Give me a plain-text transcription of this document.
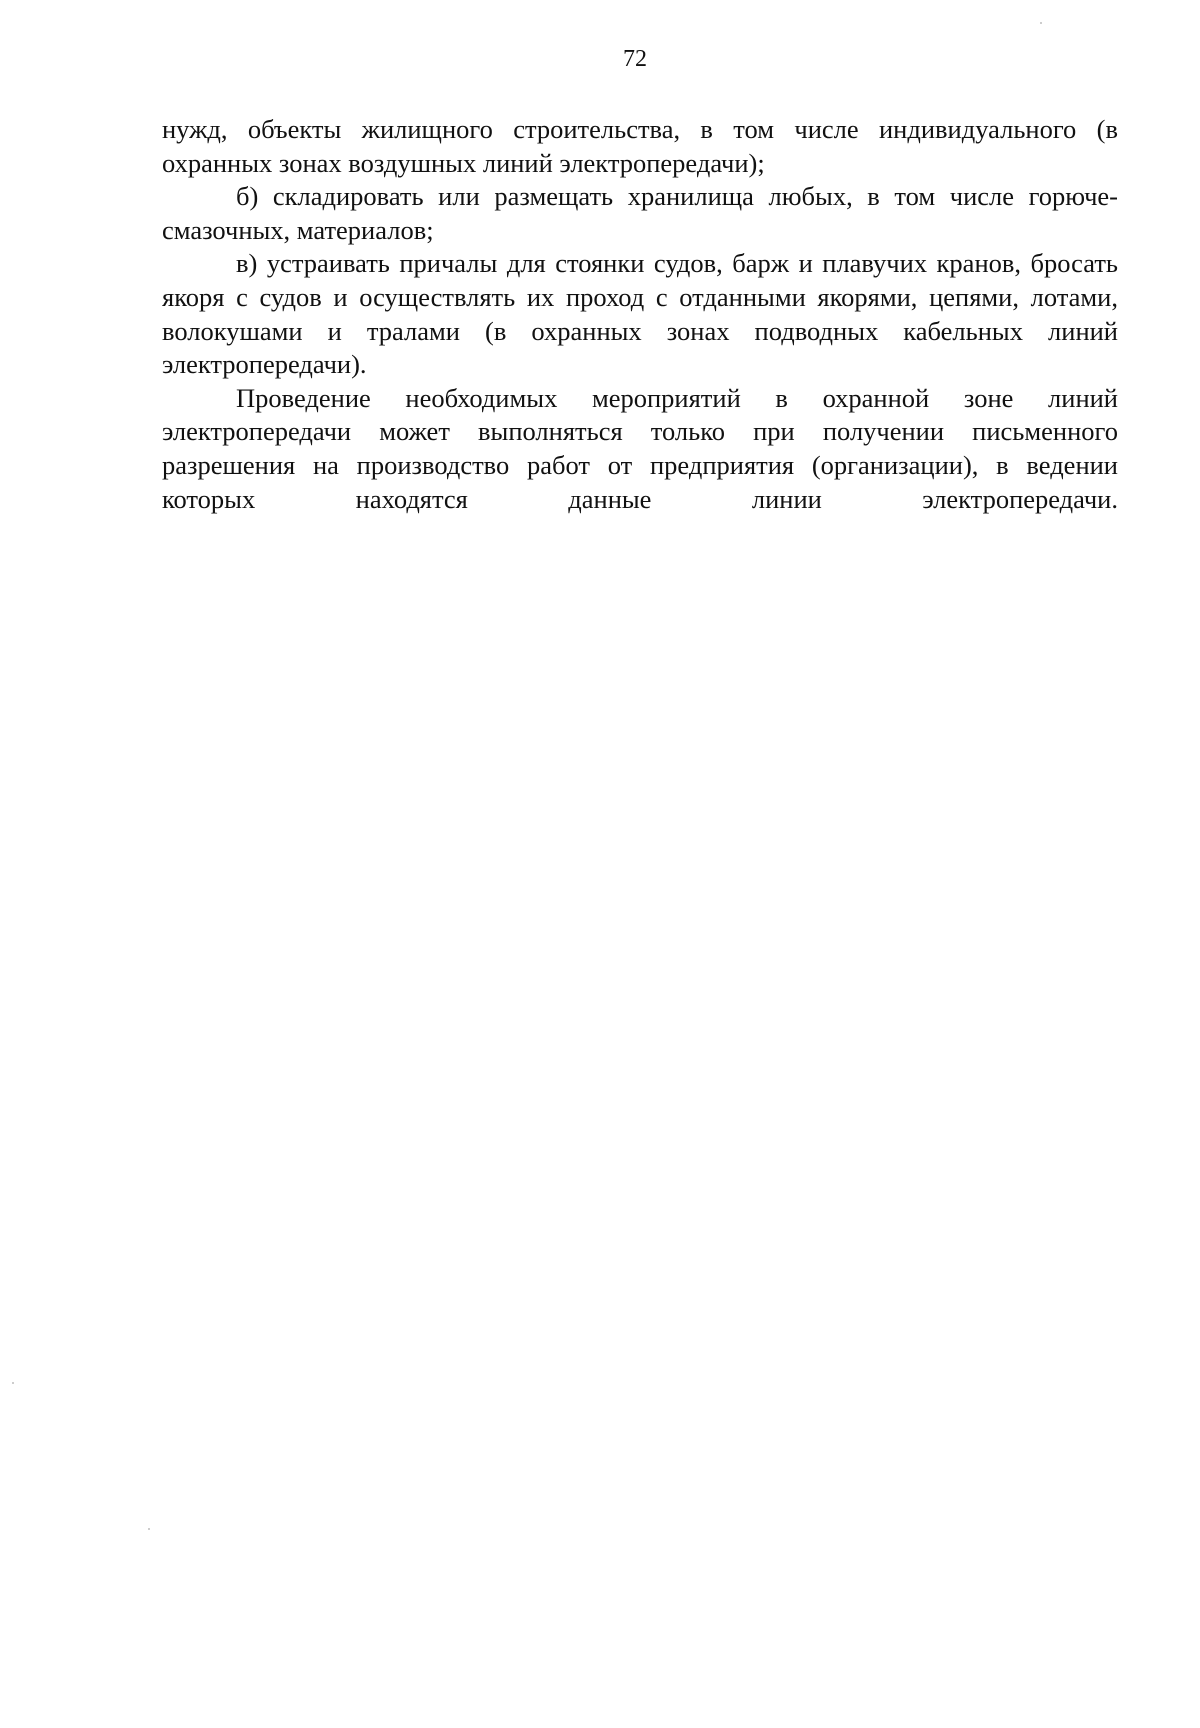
72

нужд, объекты жилищного строительства, в том числе индивидуального (в охранных зонах воздушных линий электропередачи);

б) складировать или размещать хранилища любых, в том числе горюче-смазочных, материалов;

в) устраивать причалы для стоянки судов, барж и плавучих кранов, бросать якоря с судов и осуществлять их проход с отданными якорями, цепями, лотами, волокушами и тралами (в охранных зонах подводных кабельных линий электропередачи).

Проведение необходимых мероприятий в охранной зоне линий электропередачи может выполняться только при получении письменного разрешения на производство работ от предприятия (организации), в ведении которых находятся данные линии электропередачи.
